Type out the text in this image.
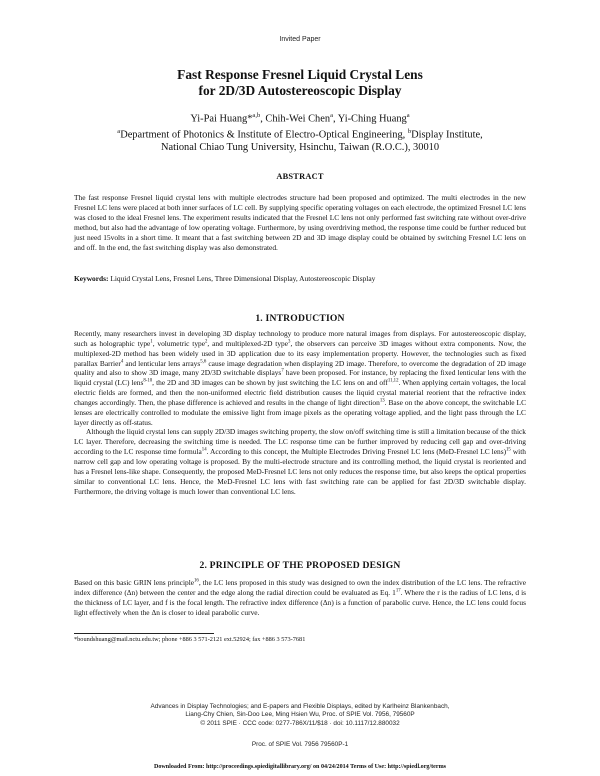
Invited Paper
Fast Response Fresnel Liquid Crystal Lens
for 2D/3D Autostereoscopic Display
Yi-Pai Huang*$^{a,b}$, Chih-Wei Chen$^a$, Yi-Ching Huang$^a$
$^a$Department of Photonics & Institute of Electro-Optical Engineering, $^b$Display Institute,
National Chiao Tung University, Hsinchu, Taiwan (R.O.C.), 30010
ABSTRACT
The fast response Fresnel liquid crystal lens with multiple electrodes structure had been proposed and optimized. The multi electrodes in the new Fresnel LC lens were placed at both inner surfaces of LC cell. By supplying specific operating voltages on each electrode, the optimized Fresnel LC lens was closed to the ideal Fresnel lens. The experiment results indicated that the Fresnel LC lens not only performed fast switching rate without over-drive method, but also had the advantage of low operating voltage. Furthermore, by using overdriving method, the response time could be further reduced but just need 15volts in a short time. It meant that a fast switching between 2D and 3D image display could be obtained by switching Fresnel LC lens on and off. In the end, the fast switching display was also demonstrated.
Keywords: Liquid Crystal Lens, Fresnel Lens, Three Dimensional Display, Autostereoscopic Display
1. INTRODUCTION

Recently, many researchers invest in developing 3D display technology to produce more natural images from displays. For autostereoscopic display, such as holographic type$^1$, volumetric type$^2$, and multiplexed-2D type$^3$, the observers can perceive 3D images without extra components. Now, the multiplexed-2D method has been widely used in 3D application due to its easy implementation property. However, the technologies such as fixed parallax Barrier$^4$ and lenticular lens arrays$^{5,6}$ cause image degradation when displaying 2D image. Therefore, to overcome the degradation of 2D image quality and also to show 3D image, many 2D/3D switchable displays$^7$ have been proposed. For instance, by replacing the fixed lenticular lens with the liquid crystal (LC) lens$^{8-10}$, the 2D and 3D images can be shown by just switching the LC lens on and off$^{11,12}$. When applying certain voltages, the local electric fields are formed, and then the non-uniformed electric field distribution causes the liquid crystal material reorient that the refractive index changes accordingly. Then, the phase difference is achieved and results in the change of light direction$^{13}$. Base on the above concept, the switchable LC lenses are electrically controlled to modulate the emissive light from image pixels as the operating voltage applied, and the light pass through the LC layer directly as off-status.

Although the liquid crystal lens can supply 2D/3D images switching property, the slow on/off switching time is still a limitation because of the thick LC layer. Therefore, decreasing the switching time is needed. The LC response time can be further improved by reducing cell gap and over-driving according to the LC response time formula$^{14}$. According to this concept, the Multiple Electrodes Driving Fresnel LC lens (MeD-Fresnel LC lens)$^{15}$ with narrow cell gap and low operating voltage is proposed. By the multi-electrode structure and its controlling method, the liquid crystal is reoriented and has a Fresnel lens-like shape. Consequently, the proposed MeD-Fresnel LC lens not only reduces the response time, but also keeps the optical properties similar to conventional LC lens. Hence, the MeD-Fresnel LC lens with fast switching rate can be applied for fast 2D/3D switchable display. Furthermore, the driving voltage is much lower than conventional LC lens.

2. PRINCIPLE OF THE PROPOSED DESIGN

Based on this basic GRIN lens principle$^{16}$, the LC lens proposed in this study was designed to own the index distribution of the LC lens. The refractive index difference (Δn) between the center and the edge along the radial direction could be evaluated as Eq. 1$^{17}$. Where the r is the radius of LC lens, d is the thickness of LC layer, and f is the focal length. The refractive index difference (Δn) is a function of parabolic curve. Hence, the LC lens could focus light effectively when the Δn is closer to ideal parabolic curve.

*boundshuang@mail.nctu.edu.tw; phone +886 3 571-2121 ext.52924; fax +886 3 573-7681
Advances in Display Technologies; and E-papers and Flexible Displays, edited by Karlheinz Blankenbach,
Liang-Chy Chien, Sin-Doo Lee, Ming Hsien Wu, Proc. of SPIE Vol. 7956, 79560P
© 2011 SPIE · CCC code: 0277-786X/11/$18 · doi: 10.1117/12.880032
Proc. of SPIE Vol. 7956 79560P-1
Downloaded From: http://proceedings.spiedigitallibrary.org/ on 04/24/2014 Terms of Use: http://spiedl.org/terms
